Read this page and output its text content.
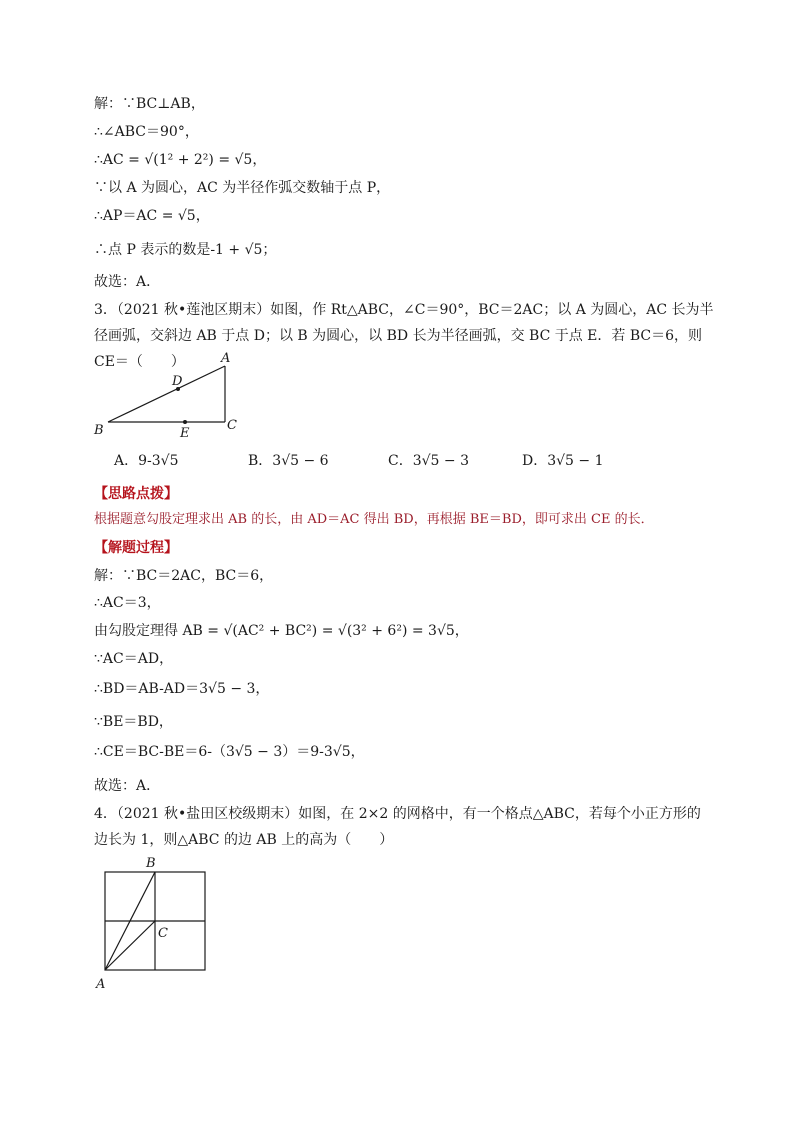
解：∵BC⊥AB，
∴∠ABC＝90°，
∴AC = √(1² + 2²) = √5，
∵以 A 为圆心，AC 为半径作弧交数轴于点 P，
∴AP＝AC = √5，
∴点 P 表示的数是-1 + √5；
故选：A．
3．（2021 秋•莲池区期末）如图，作 Rt△ABC，∠C＝90°，BC＝2AC；以 A 为圆心，AC 长为半径画弧，交斜边 AB 于点 D；以 B 为圆心，以 BD 长为半径画弧，交 BC 于点 E．若 BC＝6，则 CE＝（　　）	A
B	C
D
E
A．9-3√5	B．3√5 − 6	C．3√5 − 3	D．3√5 − 1
【思路点拨】
根据题意勾股定理求出 AB 的长，由 AD＝AC 得出 BD，再根据 BE＝BD，即可求出 CE 的长．
【解题过程】
解：∵BC＝2AC，BC＝6，
∴AC＝3，
由勾股定理得 AB = √(AC² + BC²) = √(3² + 6²) = 3√5，
∵AC＝AD，
∴BD＝AB-AD＝3√5 − 3，
∵BE＝BD，
∴CE＝BC-BE＝6-（3√5 − 3）＝9-3√5，
故选：A．
4．（2021 秋•盐田区校级期末）如图，在 2×2 的网格中，有一个格点△ABC，若每个小正方形的边长为 1，则△ABC 的边 AB 上的高为（　　）
B
C
A
